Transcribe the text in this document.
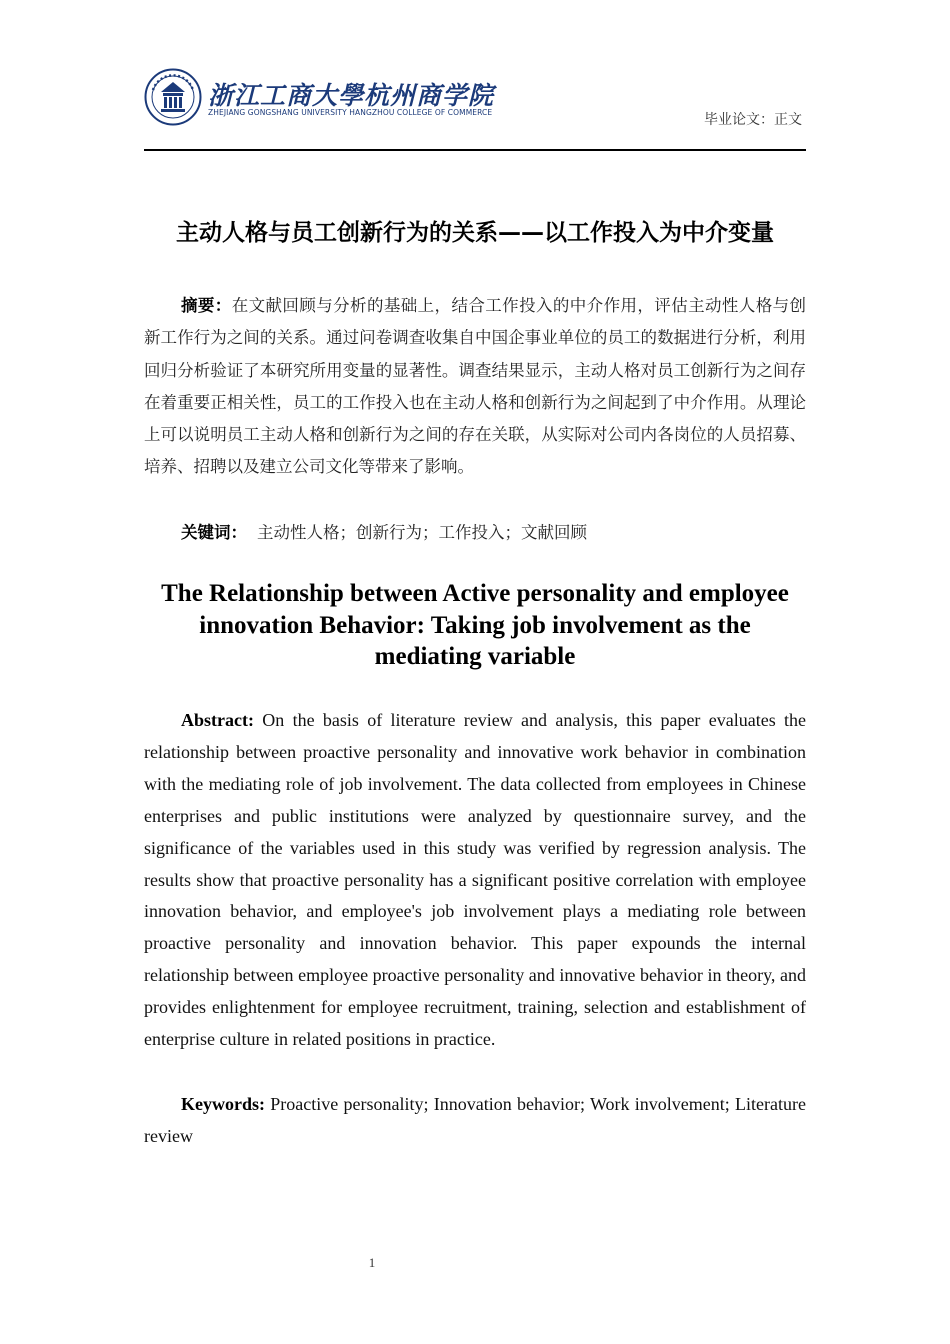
浙江工商大學杭州商学院
ZHEJIANG GONGSHANG UNIVERSITY HANGZHOU COLLEGE OF COMMERCE	毕业论文：正文
主动人格与员工创新行为的关系——以工作投入为中介变量

摘要：在文献回顾与分析的基础上，结合工作投入的中介作用，评估主动性人格与创新工作行为之间的关系。通过问卷调查收集自中国企事业单位的员工的数据进行分析，利用回归分析验证了本研究所用变量的显著性。调查结果显示，主动人格对员工创新行为之间存在着重要正相关性，员工的工作投入也在主动人格和创新行为之间起到了中介作用。从理论上可以说明员工主动人格和创新行为之间的存在关联，从实际对公司内各岗位的人员招募、培养、招聘以及建立公司文化等带来了影响。

关键词： 主动性人格；创新行为；工作投入；文献回顾
The Relationship between Active personality and employee innovation Behavior: Taking job involvement as the mediating variable

Abstract: On the basis of literature review and analysis, this paper evaluates the relationship between proactive personality and innovative work behavior in combination with the mediating role of job involvement. The data collected from employees in Chinese enterprises and public institutions were analyzed by questionnaire survey, and the significance of the variables used in this study was verified by regression analysis. The results show that proactive personality has a significant positive correlation with employee innovation behavior, and employee's job involvement plays a mediating role between proactive personality and innovation behavior. This paper expounds the internal relationship between employee proactive personality and innovative behavior in theory, and provides enlightenment for employee recruitment, training, selection and establishment of enterprise culture in related positions in practice.

Keywords: Proactive personality; Innovation behavior; Work involvement; Literature review

1
